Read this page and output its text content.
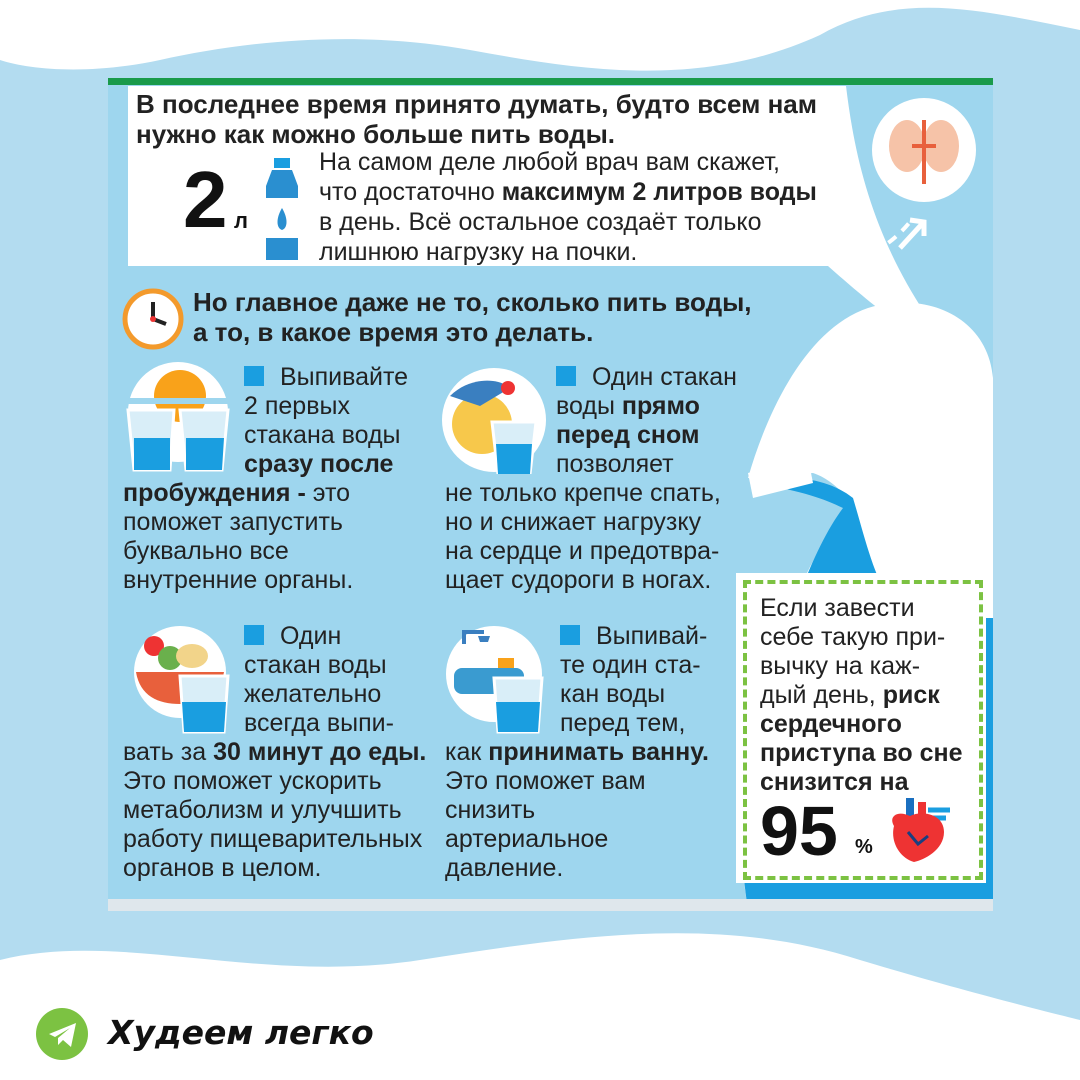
В последнее время принято думать, будто всем нам
нужно как можно больше пить воды.
2 л
На самом деле любой врач вам скажет,
что достаточно максимум 2 литров воды
в день. Всё остальное создаёт только
лишнюю нагрузку на почки.
Но главное даже не то, сколько пить воды,
а то, в какое время это делать.
Выпивайте
2 первых
стакана воды
сразу после
пробуждения - это
поможет запустить
буквально все
внутренние органы.
Один стакан
воды прямо
перед сном
позволяет
не только крепче спать,
но и снижает нагрузку
на сердце и предотвра-
щает судороги в ногах.
Один
стакан воды
желательно
всегда выпи-
вать за 30 минут до еды.
Это поможет ускорить
метаболизм и улучшить
работу пищеварительных
органов в целом.
Выпивай-
те один ста-
кан воды
перед тем,
как принимать ванну.
Это поможет вам
снизить
артериальное
давление.
Если завести
себе такую при-
вычку на каж-
дый день, риск
сердечного
приступа во сне
снизится на
95 %
Худеем легко
